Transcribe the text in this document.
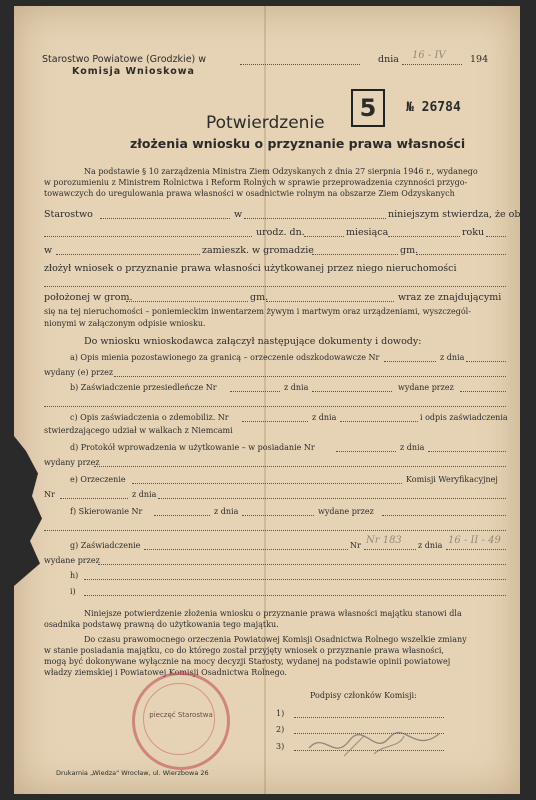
Starostwo Powiatowe (Grodzkie) w
Komisja Wnioskowa
dnia	194
16 - IV
5	№ 26784
Potwierdzenie
złożenia wniosku o przyznanie prawa własności
Na podstawie § 10 zarządzenia Ministra Ziem Odzyskanych z dnia 27 sierpnia 1946 r., wydanego
w porozumieniu z Ministrem Rolnictwa i Reform Rolnych w sprawie przeprowadzenia czynności przygo-
towawczych do uregulowania prawa własności w osadnictwie rolnym na obszarze Ziem Odzyskanych
Starostwo	w	niniejszym stwierdza, że ob.
urodz. dn.	miesiąca	roku
w	zamieszk. w gromadzie	gm.
złożył wniosek o przyznanie prawa własności użytkowanej przez niego nieruchomości
położonej w grom.	gm.	wraz ze znajdującymi
się na tej nieruchomości – poniemieckim inwentarzem żywym i martwym oraz urządzeniami, wyszczegól-
nionymi w załączonym odpisie wniosku.
Do wniosku wnioskodawca załączył następujące dokumenty i dowody:
a) Opis mienia pozostawionego za granicą – orzeczenie odszkodowawcze Nr	z dnia
wydany (e) przez
b) Zaświadczenie przesiedleńcze Nr	z dnia	wydane przez
c) Opis zaświadczenia o zdemobiliz. Nr	z dnia	i odpis zaświadczenia
stwierdzającego udział w walkach z Niemcami
d) Protokół wprowadzenia w użytkowanie – w posiadanie Nr	z dnia
wydany przez
e) Orzeczenie	Komisji Weryfikacyjnej
Nr	z dnia
f) Skierowanie Nr	z dnia	wydane przez
g) Zaświadczenie	Nr	z dnia
Nr 183	16 - II - 49
wydane przez
h)
i)
Niniejsze potwierdzenie złożenia wniosku o przyznanie prawa własności majątku stanowi dla
osadnika podstawę prawną do użytkowania tego majątku.
Do czasu prawomocnego orzeczenia Powiatowej Komisji Osadnictwa Rolnego wszelkie zmiany
w stanie posiadania majątku, co do którego został przyjęty wniosek o przyznanie prawa własności,
mogą być dokonywane wyłącznie na mocy decyzji Starosty, wydanej na podstawie opinii powiatowej
władzy ziemskiej i Powiatowej Komisji Osadnictwa Rolnego.
Podpisy członków Komisji:
1)
2)
3)
pieczęć Starostwa
Drukarnia „Wiedza" Wrocław, ul. Wierzbowa 26
